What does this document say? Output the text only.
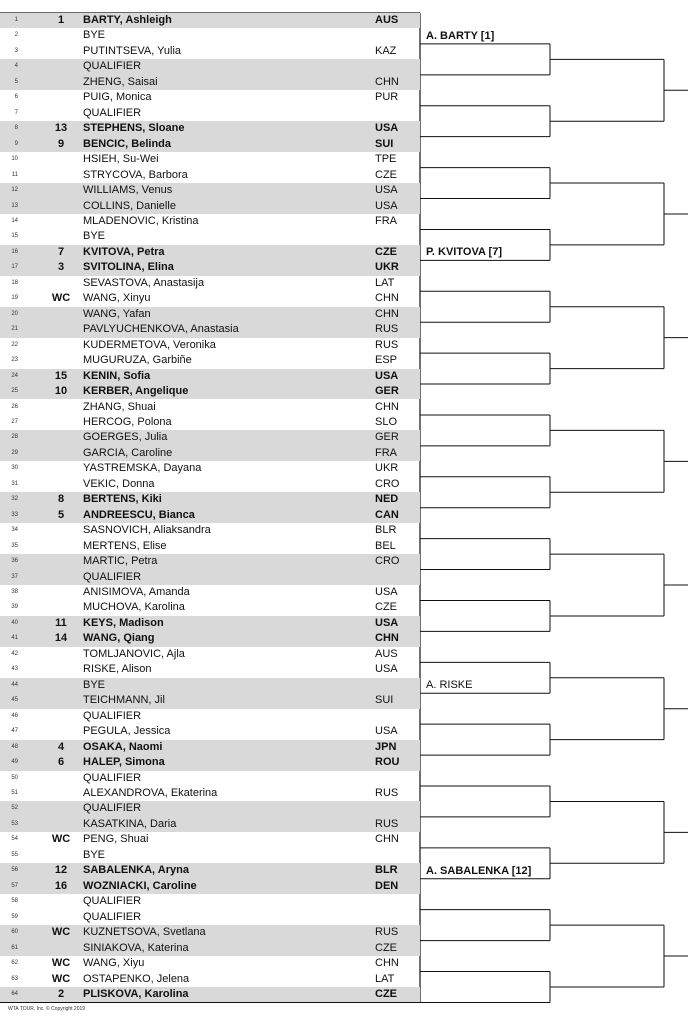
1	1	BARTY, Ashleigh	AUS
2	BYE
3	PUTINTSEVA, Yulia	KAZ
4	QUALIFIER
5	ZHENG, Saisai	CHN
6	PUIG, Monica	PUR
7	QUALIFIER
8	13	STEPHENS, Sloane	USA
9	9	BENCIC, Belinda	SUI
10	HSIEH, Su-Wei	TPE
11	STRYCOVA, Barbora	CZE
12	WILLIAMS, Venus	USA
13	COLLINS, Danielle	USA
14	MLADENOVIC, Kristina	FRA
15	BYE
16	7	KVITOVA, Petra	CZE
17	3	SVITOLINA, Elina	UKR
18	SEVASTOVA, Anastasija	LAT
19	WC	WANG, Xinyu	CHN
20	WANG, Yafan	CHN
21	PAVLYUCHENKOVA, Anastasia	RUS
22	KUDERMETOVA, Veronika	RUS
23	MUGURUZA, Garbiñe	ESP
24	15	KENIN, Sofia	USA
25	10	KERBER, Angelique	GER
26	ZHANG, Shuai	CHN
27	HERCOG, Polona	SLO
28	GOERGES, Julia	GER
29	GARCIA, Caroline	FRA
30	YASTREMSKA, Dayana	UKR
31	VEKIC, Donna	CRO
32	8	BERTENS, Kiki	NED
33	5	ANDREESCU, Bianca	CAN
34	SASNOVICH, Aliaksandra	BLR
35	MERTENS, Elise	BEL
36	MARTIC, Petra	CRO
37	QUALIFIER
38	ANISIMOVA, Amanda	USA
39	MUCHOVA, Karolina	CZE
40	11	KEYS, Madison	USA
41	14	WANG, Qiang	CHN
42	TOMLJANOVIC, Ajla	AUS
43	RISKE, Alison	USA
44	BYE
45	TEICHMANN, Jil	SUI
46	QUALIFIER
47	PEGULA, Jessica	USA
48	4	OSAKA, Naomi	JPN
49	6	HALEP, Simona	ROU
50	QUALIFIER
51	ALEXANDROVA, Ekaterina	RUS
52	QUALIFIER
53	KASATKINA, Daria	RUS
54	WC	PENG, Shuai	CHN
55	BYE
56	12	SABALENKA, Aryna	BLR
57	16	WOZNIACKI, Caroline	DEN
58	QUALIFIER
59	QUALIFIER
60	WC	KUZNETSOVA, Svetlana	RUS
61	SINIAKOVA, Katerina	CZE
62	WC	WANG, Xiyu	CHN
63	WC	OSTAPENKO, Jelena	LAT
64	2	PLISKOVA, Karolina	CZE
A. BARTY [1]
P. KVITOVA [7]
A. RISKE
A. SABALENKA [12]
WTA TOUR, Inc. © Copyright 2019
